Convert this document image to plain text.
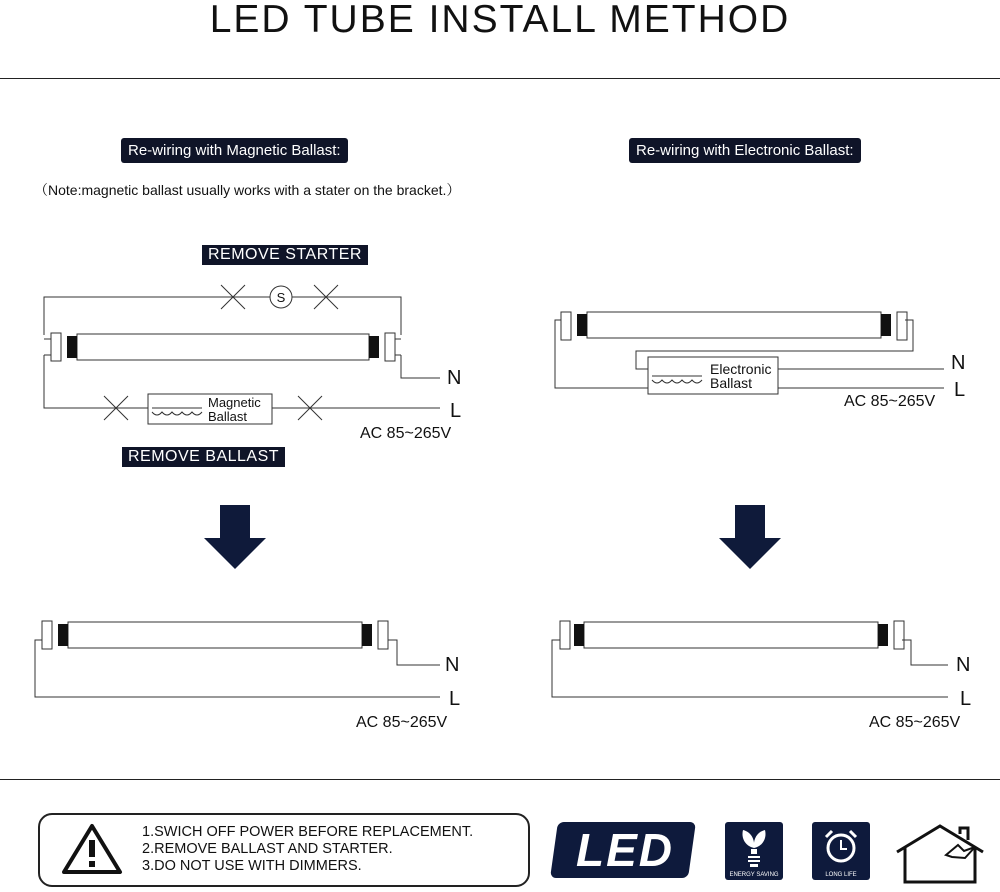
LED TUBE INSTALL METHOD
Re-wiring with Magnetic Ballast:	Re-wiring with Electronic Ballast:
（Note:magnetic ballast usually works with a stater on the bracket.）
REMOVE STARTER
REMOVE BALLAST
S
Magnetic
Ballast
N
L
AC 85~265V
Electronic
Ballast
N
L
AC 85~265V
N
L
AC 85~265V
N
L
AC 85~265V
1.SWICH OFF POWER BEFORE REPLACEMENT.
2.REMOVE BALLAST AND STARTER.
3.DO NOT USE WITH DIMMERS.	LED	ENERGY SAVING	LONG LIFE
